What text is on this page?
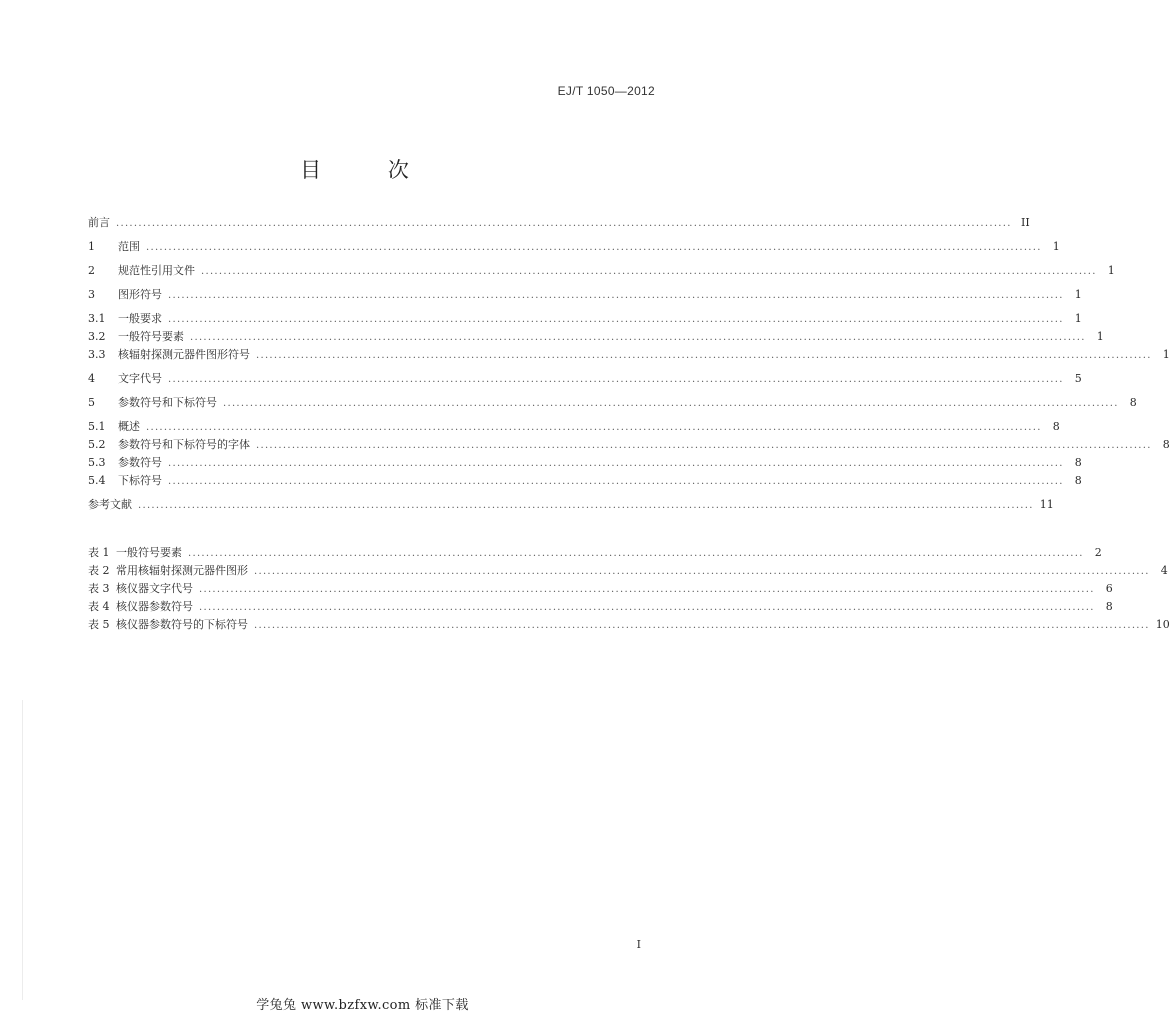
EJ/T 1050—2012
目 次
前言 ........................................................................................................................................................................................................ II
1	范围 ........................................................................................................................................................................................................	1
2	规范性引用文件 ........................................................................................................................................................................................................	1
3	图形符号 ........................................................................................................................................................................................................	1
3.1	一般要求 ........................................................................................................................................................................................................	1
3.2	一般符号要素 ........................................................................................................................................................................................................	1
3.3	核辐射探测元器件图形符号 ........................................................................................................................................................................................................	1
4	文字代号 ........................................................................................................................................................................................................	5
5	参数符号和下标符号 ........................................................................................................................................................................................................	8
5.1	概述 ........................................................................................................................................................................................................	8
5.2	参数符号和下标符号的字体 ........................................................................................................................................................................................................	8
5.3	参数符号 ........................................................................................................................................................................................................	8
5.4	下标符号 ........................................................................................................................................................................................................	8
参考文献 ........................................................................................................................................................................................................ 11
表 1 一般符号要素 ........................................................................................................................................................................................................	2
表 2 常用核辐射探测元器件图形 ........................................................................................................................................................................................................	4
表 3 核仪器文字代号 ........................................................................................................................................................................................................	6
表 4 核仪器参数符号 ........................................................................................................................................................................................................	8
表 5 核仪器参数符号的下标符号 ........................................................................................................................................................................................................ 10
I
学兔兔 www.bzfxw.com 标准下载
